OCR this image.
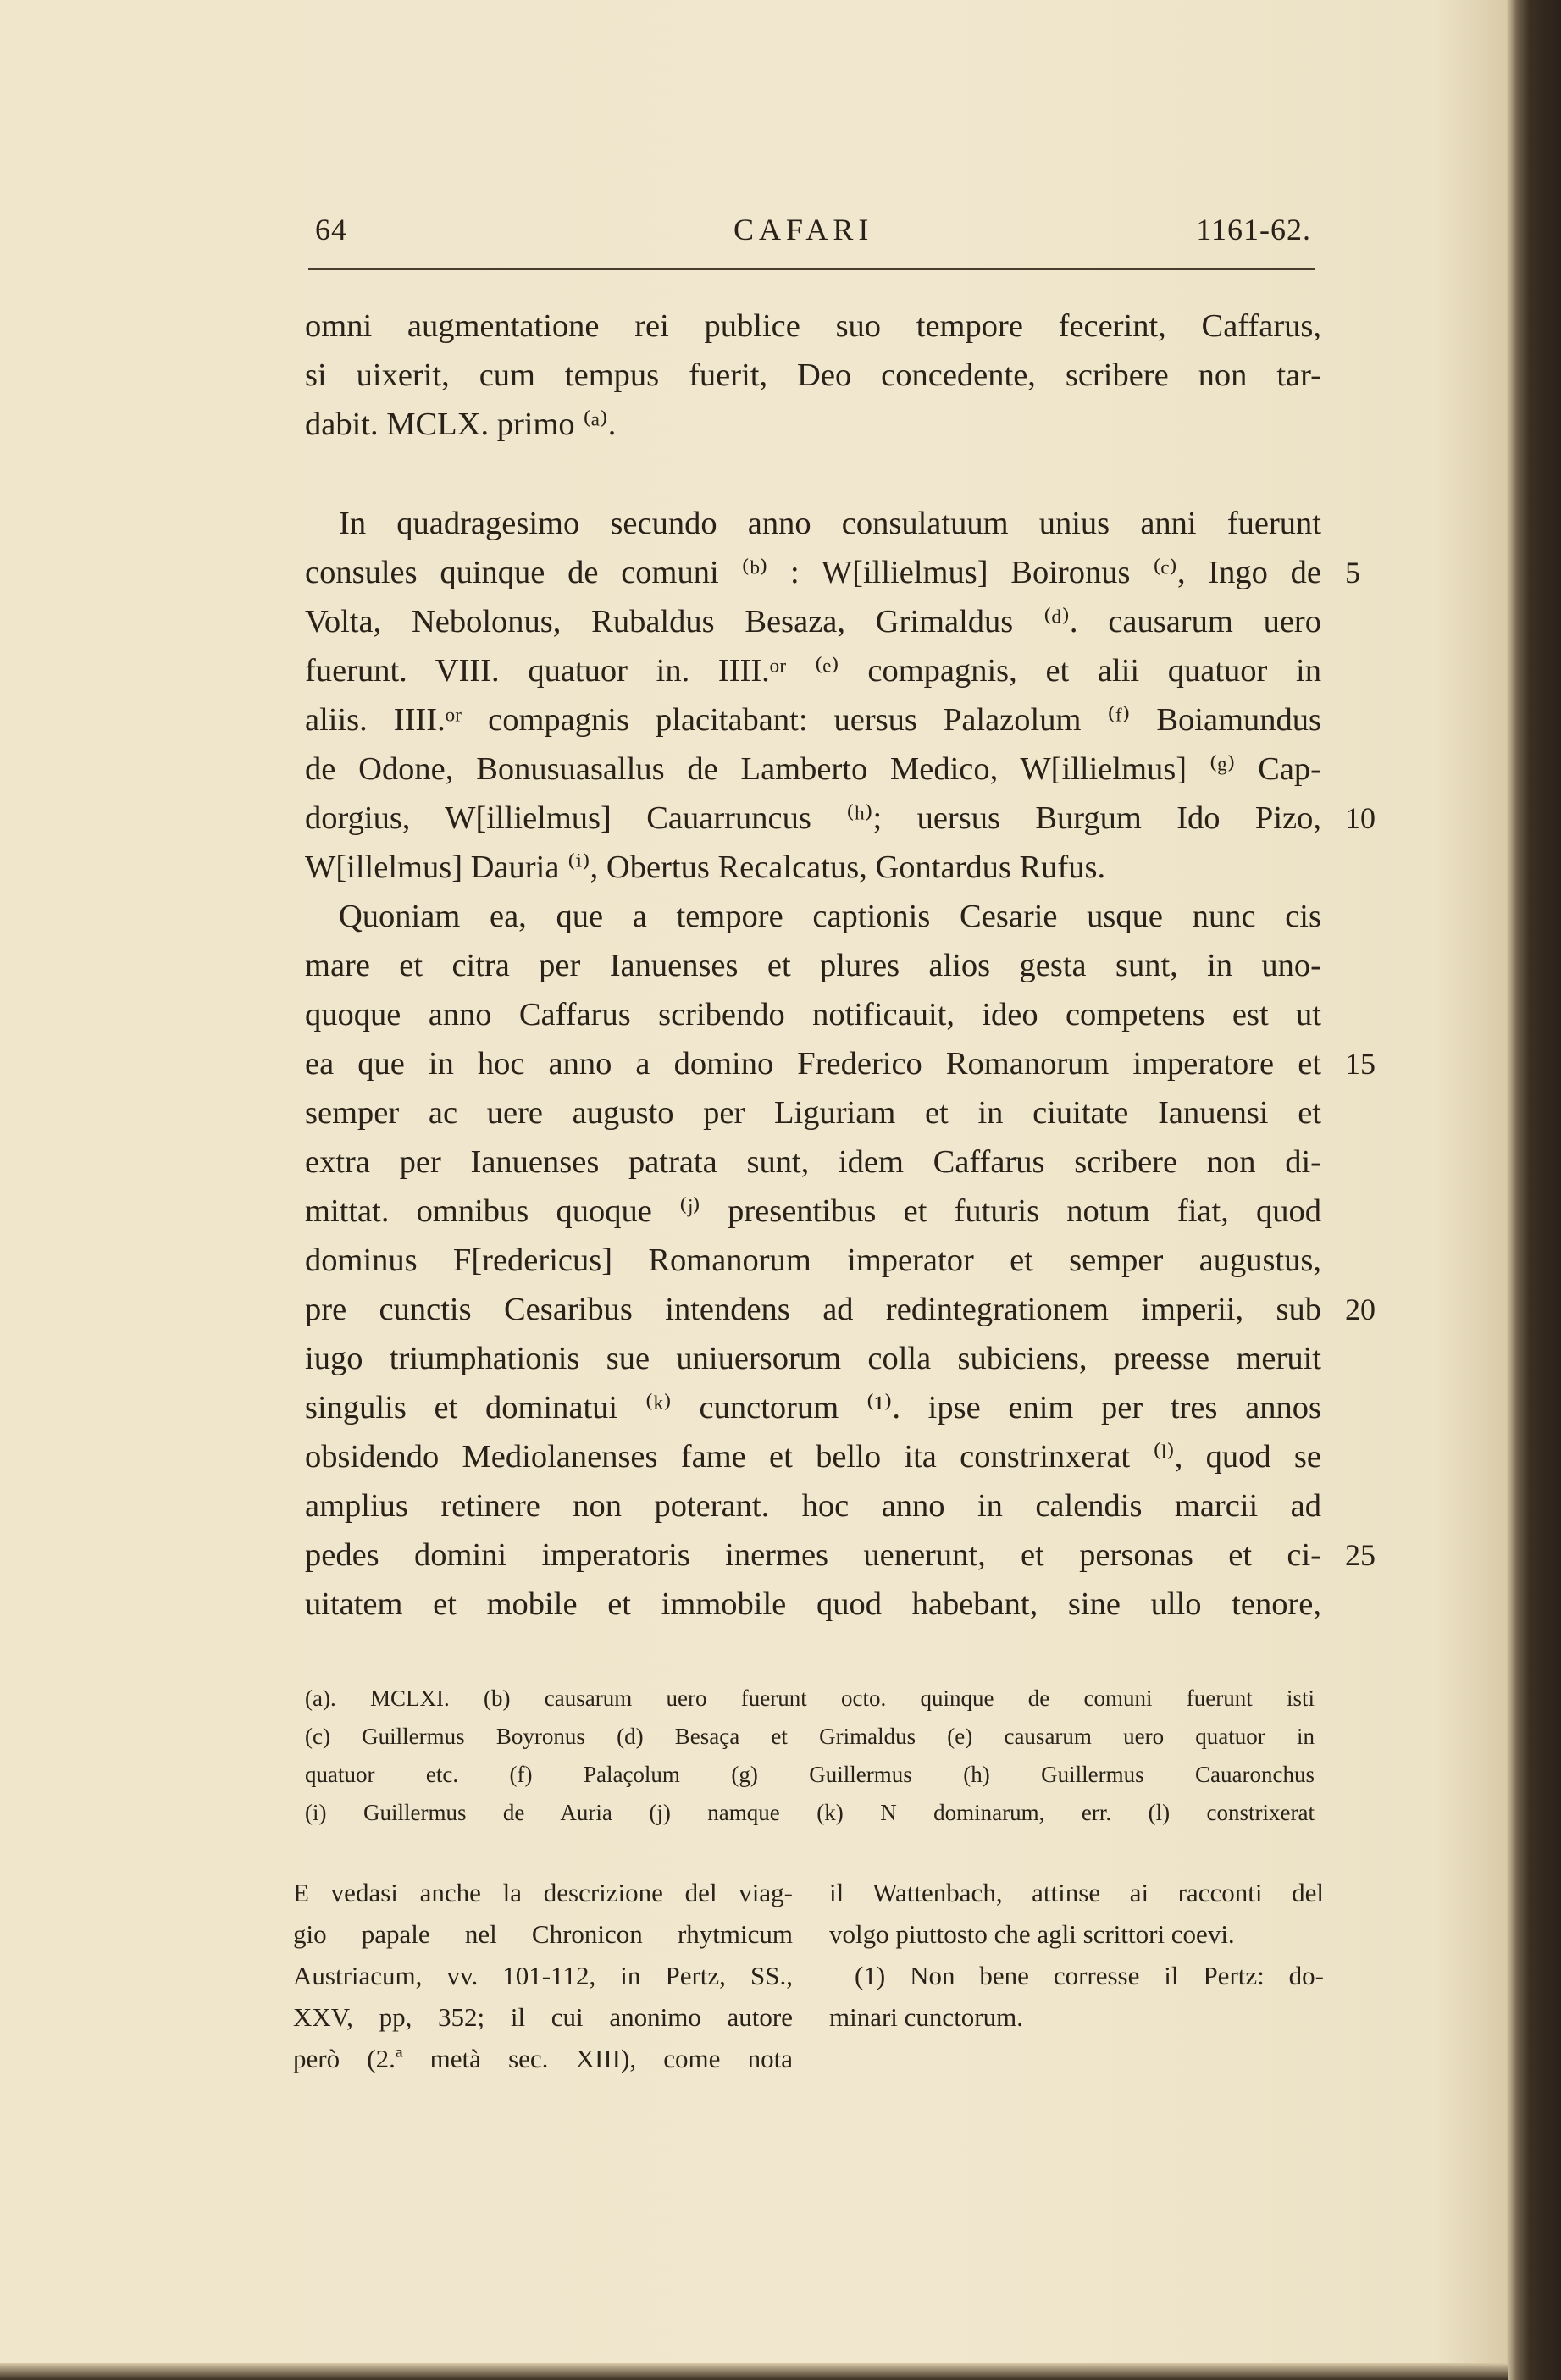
64	CAFARI	1161-62.
omni augmentatione rei publice suo tempore fecerint, Caffarus,
si uixerit, cum tempus fuerit, Deo concedente, scribere non tar-
dabit. MCLX. primo ⁽ᵃ⁾.
In quadragesimo secundo anno consulatuum unius anni fuerunt
consules quinque de comuni ⁽ᵇ⁾ : W[illielmus] Boironus ⁽ᶜ⁾, Ingo de
Volta, Nebolonus, Rubaldus Besaza, Grimaldus ⁽ᵈ⁾. causarum uero
fuerunt. VIII. quatuor in. IIII.ᵒʳ ⁽ᵉ⁾ compagnis, et alii quatuor in
aliis. IIII.ᵒʳ compagnis placitabant: uersus Palazolum ⁽ᶠ⁾ Boiamundus
de Odone, Bonusuasallus de Lamberto Medico, W[illielmus] ⁽ᵍ⁾ Cap-
dorgius, W[illielmus] Cauarruncus ⁽ʰ⁾; uersus Burgum Ido Pizo,
W[illelmus] Dauria ⁽ⁱ⁾, Obertus Recalcatus, Gontardus Rufus.
Quoniam ea, que a tempore captionis Cesarie usque nunc cis
mare et citra per Ianuenses et plures alios gesta sunt, in uno-
quoque anno Caffarus scribendo notificauit, ideo competens est ut
ea que in hoc anno a domino Frederico Romanorum imperatore et
semper ac uere augusto per Liguriam et in ciuitate Ianuensi et
extra per Ianuenses patrata sunt, idem Caffarus scribere non di-
mittat. omnibus quoque ⁽ʲ⁾ presentibus et futuris notum fiat, quod
dominus F[redericus] Romanorum imperator et semper augustus,
pre cunctis Cesaribus intendens ad redintegrationem imperii, sub
iugo triumphationis sue uniuersorum colla subiciens, preesse meruit
singulis et dominatui ⁽ᵏ⁾ cunctorum ⁽¹⁾. ipse enim per tres annos
obsidendo Mediolanenses fame et bello ita constrinxerat ⁽ˡ⁾, quod se
amplius retinere non poterant. hoc anno in calendis marcii ad
pedes domini imperatoris inermes uenerunt, et personas et ci-
uitatem et mobile et immobile quod habebant, sine ullo tenore,
5
10
15
20
25
(a). MCLXI. (b) causarum uero fuerunt octo. quinque de comuni fuerunt isti
(c) Guillermus Boyronus (d) Besaça et Grimaldus (e) causarum uero quatuor in
quatuor etc. (f) Palaçolum (g) Guillermus (h) Guillermus Cauaronchus
(i) Guillermus de Auria (j) namque (k) N dominarum, err. (l) constrixerat
E vedasi anche la descrizione del viag-
gio papale nel Chronicon rhytmicum
Austriacum, vv. 101-112, in Pertz, SS.,
XXV, pp, 352; il cui anonimo autore
però (2.ª metà sec. XIII), come nota
il Wattenbach, attinse ai racconti del
volgo piuttosto che agli scrittori coevi.
(1) Non bene corresse il Pertz: do-
minari cunctorum.
